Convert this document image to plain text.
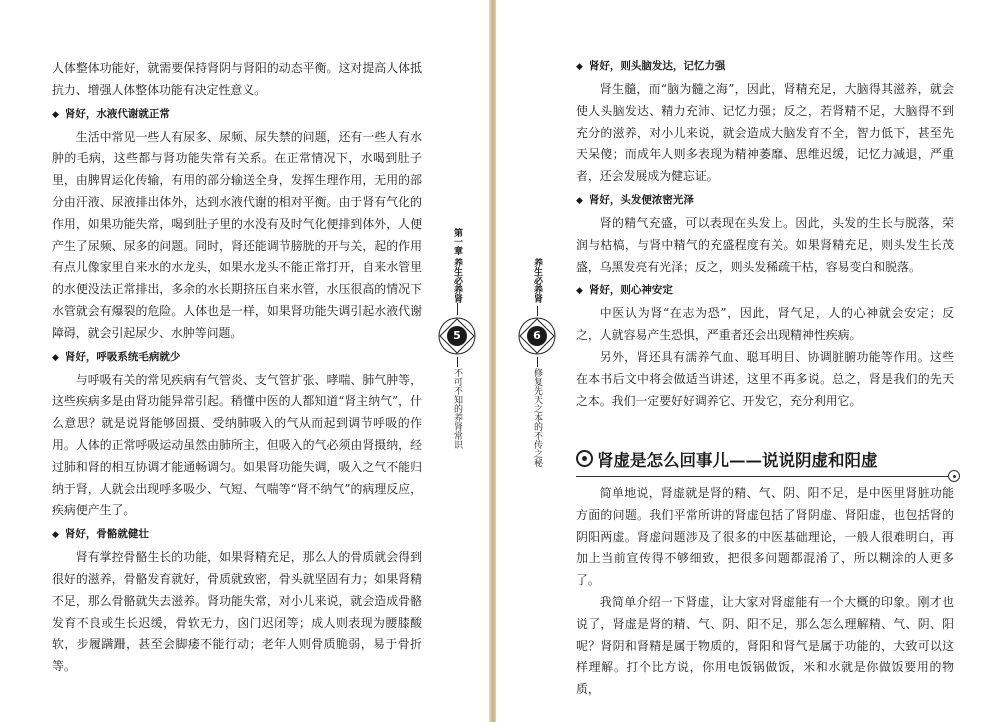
人体整体功能好，就需要保持肾阴与肾阳的动态平衡。这对提高人体抵抗力、增强人体整体功能有决定性意义。

◆ 肾好，水液代谢就正常

生活中常见一些人有尿多、尿频、尿失禁的问题，还有一些人有水肿的毛病，这些都与肾功能失常有关系。在正常情况下，水喝到肚子里，由脾胃运化传输，有用的部分输送全身，发挥生理作用，无用的部分由汗液、尿液排出体外，达到水液代谢的相对平衡。由于肾有气化的作用，如果功能失常，喝到肚子里的水没有及时气化便排到体外，人便产生了尿频、尿多的问题。同时，肾还能调节膀胱的开与关，起的作用有点儿像家里自来水的水龙头，如果水龙头不能正常打开，自来水管里的水便没法正常排出，多余的水长期挤压自来水管，水压很高的情况下水管就会有爆裂的危险。人体也是一样，如果肾功能失调引起水液代谢障碍，就会引起尿少、水肿等问题。

◆ 肾好，呼吸系统毛病就少

与呼吸有关的常见疾病有气管炎、支气管扩张、哮喘、肺气肿等，这些疾病多是由肾功能异常引起。稍懂中医的人都知道“肾主纳气”，什么意思？就是说肾能够固摄、受纳肺吸入的气从而起到调节呼吸的作用。人体的正常呼吸运动虽然由肺所主，但吸入的气必须由肾摄纳，经过肺和肾的相互协调才能通畅调匀。如果肾功能失调，吸入之气不能归纳于肾，人就会出现呼多吸少、气短、气喘等“肾不纳气”的病理反应，疾病便产生了。

◆ 肾好，骨骼就健壮

肾有掌控骨骼生长的功能，如果肾精充足，那么人的骨质就会得到很好的滋养，骨骼发育就好，骨质就致密，骨头就坚固有力；如果肾精不足，那么骨骼就失去滋养。肾功能失常，对小儿来说，就会造成骨骼发育不良或生长迟缓，骨软无力，囟门迟闭等；成人则表现为腰膝酸软，步履蹒跚，甚至会脚痿不能行动；老年人则骨质脆弱，易于骨折等。

第一章 养生必养肾
5
不可不知的养肾常识
养生必养肾
6
修复先天之本的不传之秘
◆ 肾好，则头脑发达，记忆力强

肾生髓，而“脑为髓之海”，因此，肾精充足，大脑得其滋养，就会使人头脑发达、精力充沛、记忆力强；反之，若肾精不足，大脑得不到充分的滋养，对小儿来说，就会造成大脑发育不全，智力低下，甚至先天呆傻；而成年人则多表现为精神萎靡、思维迟缓，记忆力减退，严重者，还会发展成为健忘证。

◆ 肾好，头发便浓密光泽

肾的精气充盛，可以表现在头发上。因此，头发的生长与脱落，荣润与枯槁，与肾中精气的充盛程度有关。如果肾精充足，则头发生长茂盛，乌黑发亮有光泽；反之，则头发稀疏干枯，容易变白和脱落。

◆ 肾好，则心神安定

中医认为肾“在志为恐”，因此，肾气足，人的心神就会安定；反之，人就容易产生恐惧，严重者还会出现精神性疾病。

另外，肾还具有濡养气血、聪耳明目、协调脏腑功能等作用。这些在本书后文中将会做适当讲述，这里不再多说。总之，肾是我们的先天之本。我们一定要好好调养它、开发它，充分利用它。

肾虚是怎么回事儿——说说阴虚和阳虚

简单地说，肾虚就是肾的精、气、阴、阳不足，是中医里肾脏功能方面的问题。我们平常所讲的肾虚包括了肾阴虚、肾阳虚，也包括肾的阴阳两虚。肾虚问题涉及了很多的中医基础理论，一般人很难明白，再加上当前宣传得不够细致，把很多问题都混淆了，所以糊涂的人更多了。

我简单介绍一下肾虚，让大家对肾虚能有一个大概的印象。刚才也说了，肾虚是肾的精、气、阴、阳不足，那么怎么理解精、气、阴、阳呢？肾阴和肾精是属于物质的，肾阳和肾气是属于功能的，大致可以这样理解。打个比方说，你用电饭锅做饭，米和水就是你做饭要用的物质，
